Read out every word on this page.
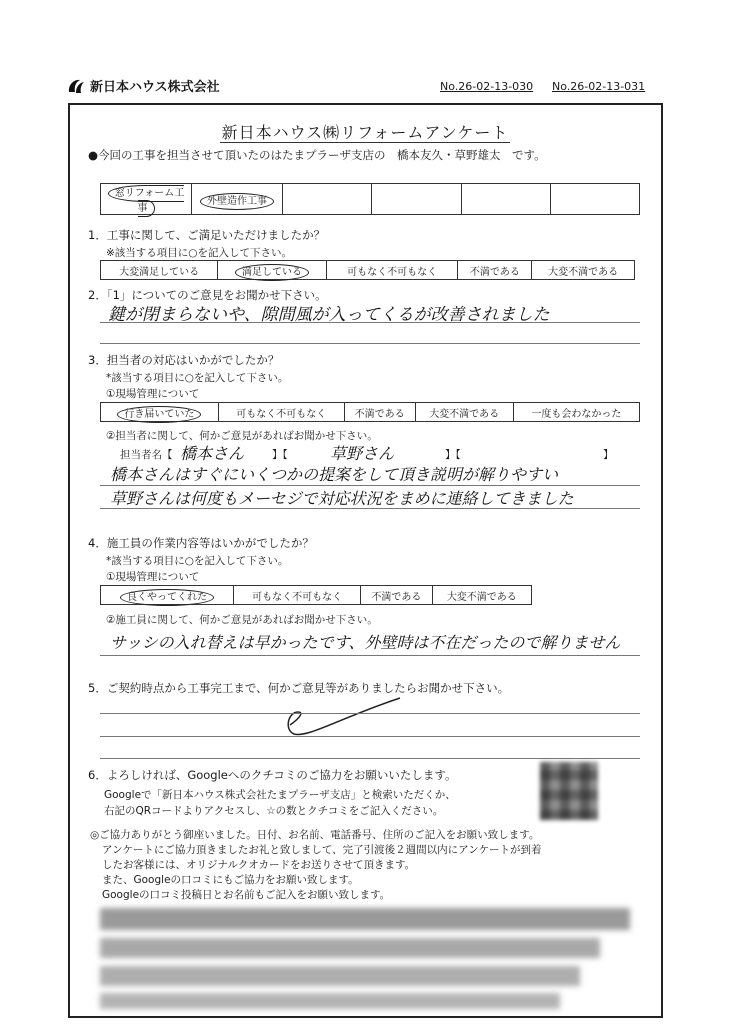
新日本ハウス株式会社	No.26-02-13-030 No.26-02-13-031
新日本ハウス㈱リフォームアンケート
●今回の工事を担当させて頂いたのはたまプラーザ支店の　橋本友久・草野雄太　です。
窓リフォーム工事	外壁造作工事				
1．工事に関して、ご満足いただけましたか？
※該当する項目に○を記入して下さい。
大変満足している	満足している	可もなく不可もなく	不満である	大変不満である
2．「1」についてのご意見をお聞かせ下さい。
鍵が閉まらないや、隙間風が入ってくるが改善されました
3．担当者の対応はいかがでしたか？
*該当する項目に○を記入して下さい。
①現場管理について
行き届いていた	可もなく不可もなく	不満である	大変不満である	一度も会わなかった
②担当者に関して、何かご意見があればお聞かせ下さい。
担当者名【 橋本さん	】【	草野さん	】【	】
橋本さんはすぐにいくつかの提案をして頂き説明が解りやすい
草野さんは何度もメーセジで対応状況をまめに連絡してきました
4．施工員の作業内容等はいかがでしたか？
*該当する項目に○を記入して下さい。
①現場管理について
良くやってくれた	可もなく不可もなく	不満である	大変不満である
②施工員に関して、何かご意見があればお聞かせ下さい。
サッシの入れ替えは早かったです、外壁時は不在だったので解りません
5．ご契約時点から工事完工まで、何かご意見等がありましたらお聞かせ下さい。
6．よろしければ、Googleへのクチコミのご協力をお願いいたします。
Googleで「新日本ハウス株式会社たまプラーザ支店」と検索いただくか、
右記のQRコードよりアクセスし、☆の数とクチコミをご記入ください。
◎ご協力ありがとう御座いました。日付、お名前、電話番号、住所のご記入をお願い致します。
アンケートにご協力頂きましたお礼と致しまして、完了引渡後２週間以内にアンケートが到着
したお客様には、オリジナルクオカードをお送りさせて頂きます。
また、Googleの口コミにもご協力をお願い致します。
Googleの口コミ投稿日とお名前もご記入をお願い致します。
